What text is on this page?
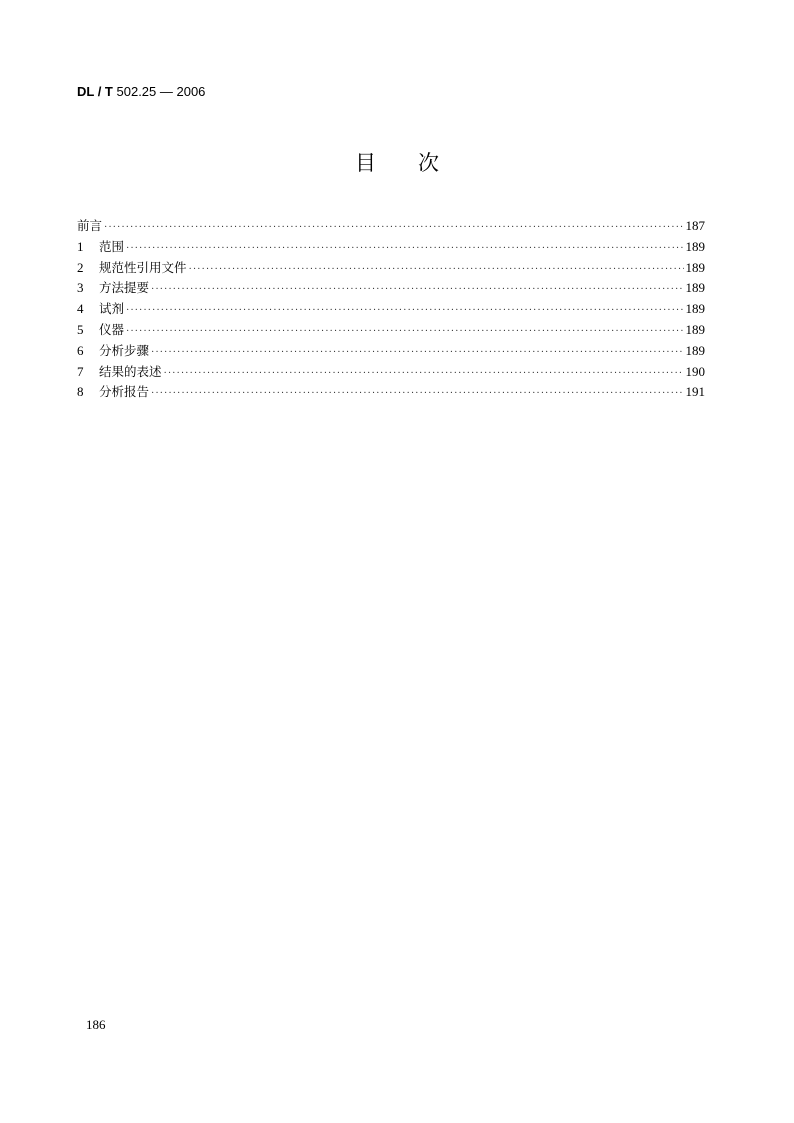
DL / T 502.25 — 2006
目次
前言 ·····	187
1	范围 ·····	189
2	规范性引用文件 ·····	189
3	方法提要 ·····	189
4	试剂 ·····	189
5	仪器 ·····	189
6	分析步骤 ·····	189
7	结果的表述 ·····	190
8	分析报告 ·····	191
186
